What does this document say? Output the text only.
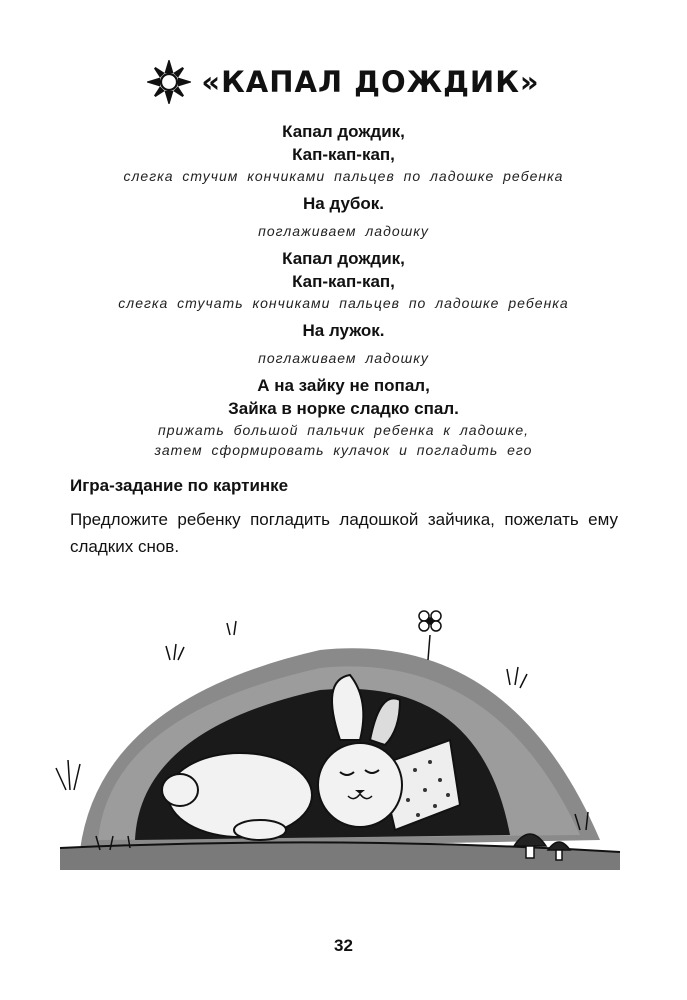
«КАПАЛ ДОЖДИК»
Капал дождик,
Кап-кап-кап,
слегка стучим кончиками пальцев по ладошке ребенка
На дубок.
поглаживаем ладошку
Капал дождик,
Кап-кап-кап,
слегка стучать кончиками пальцев по ладошке ребенка
На лужок.
поглаживаем ладошку
А на зайку не попал,
Зайка в норке сладко спал.
прижать большой пальчик ребенка к ладошке,
затем сформировать кулачок и погладить его

Игра-задание по картинке

Предложите ребенку погладить ладошкой зайчика, пожелать ему сладких снов.

32
